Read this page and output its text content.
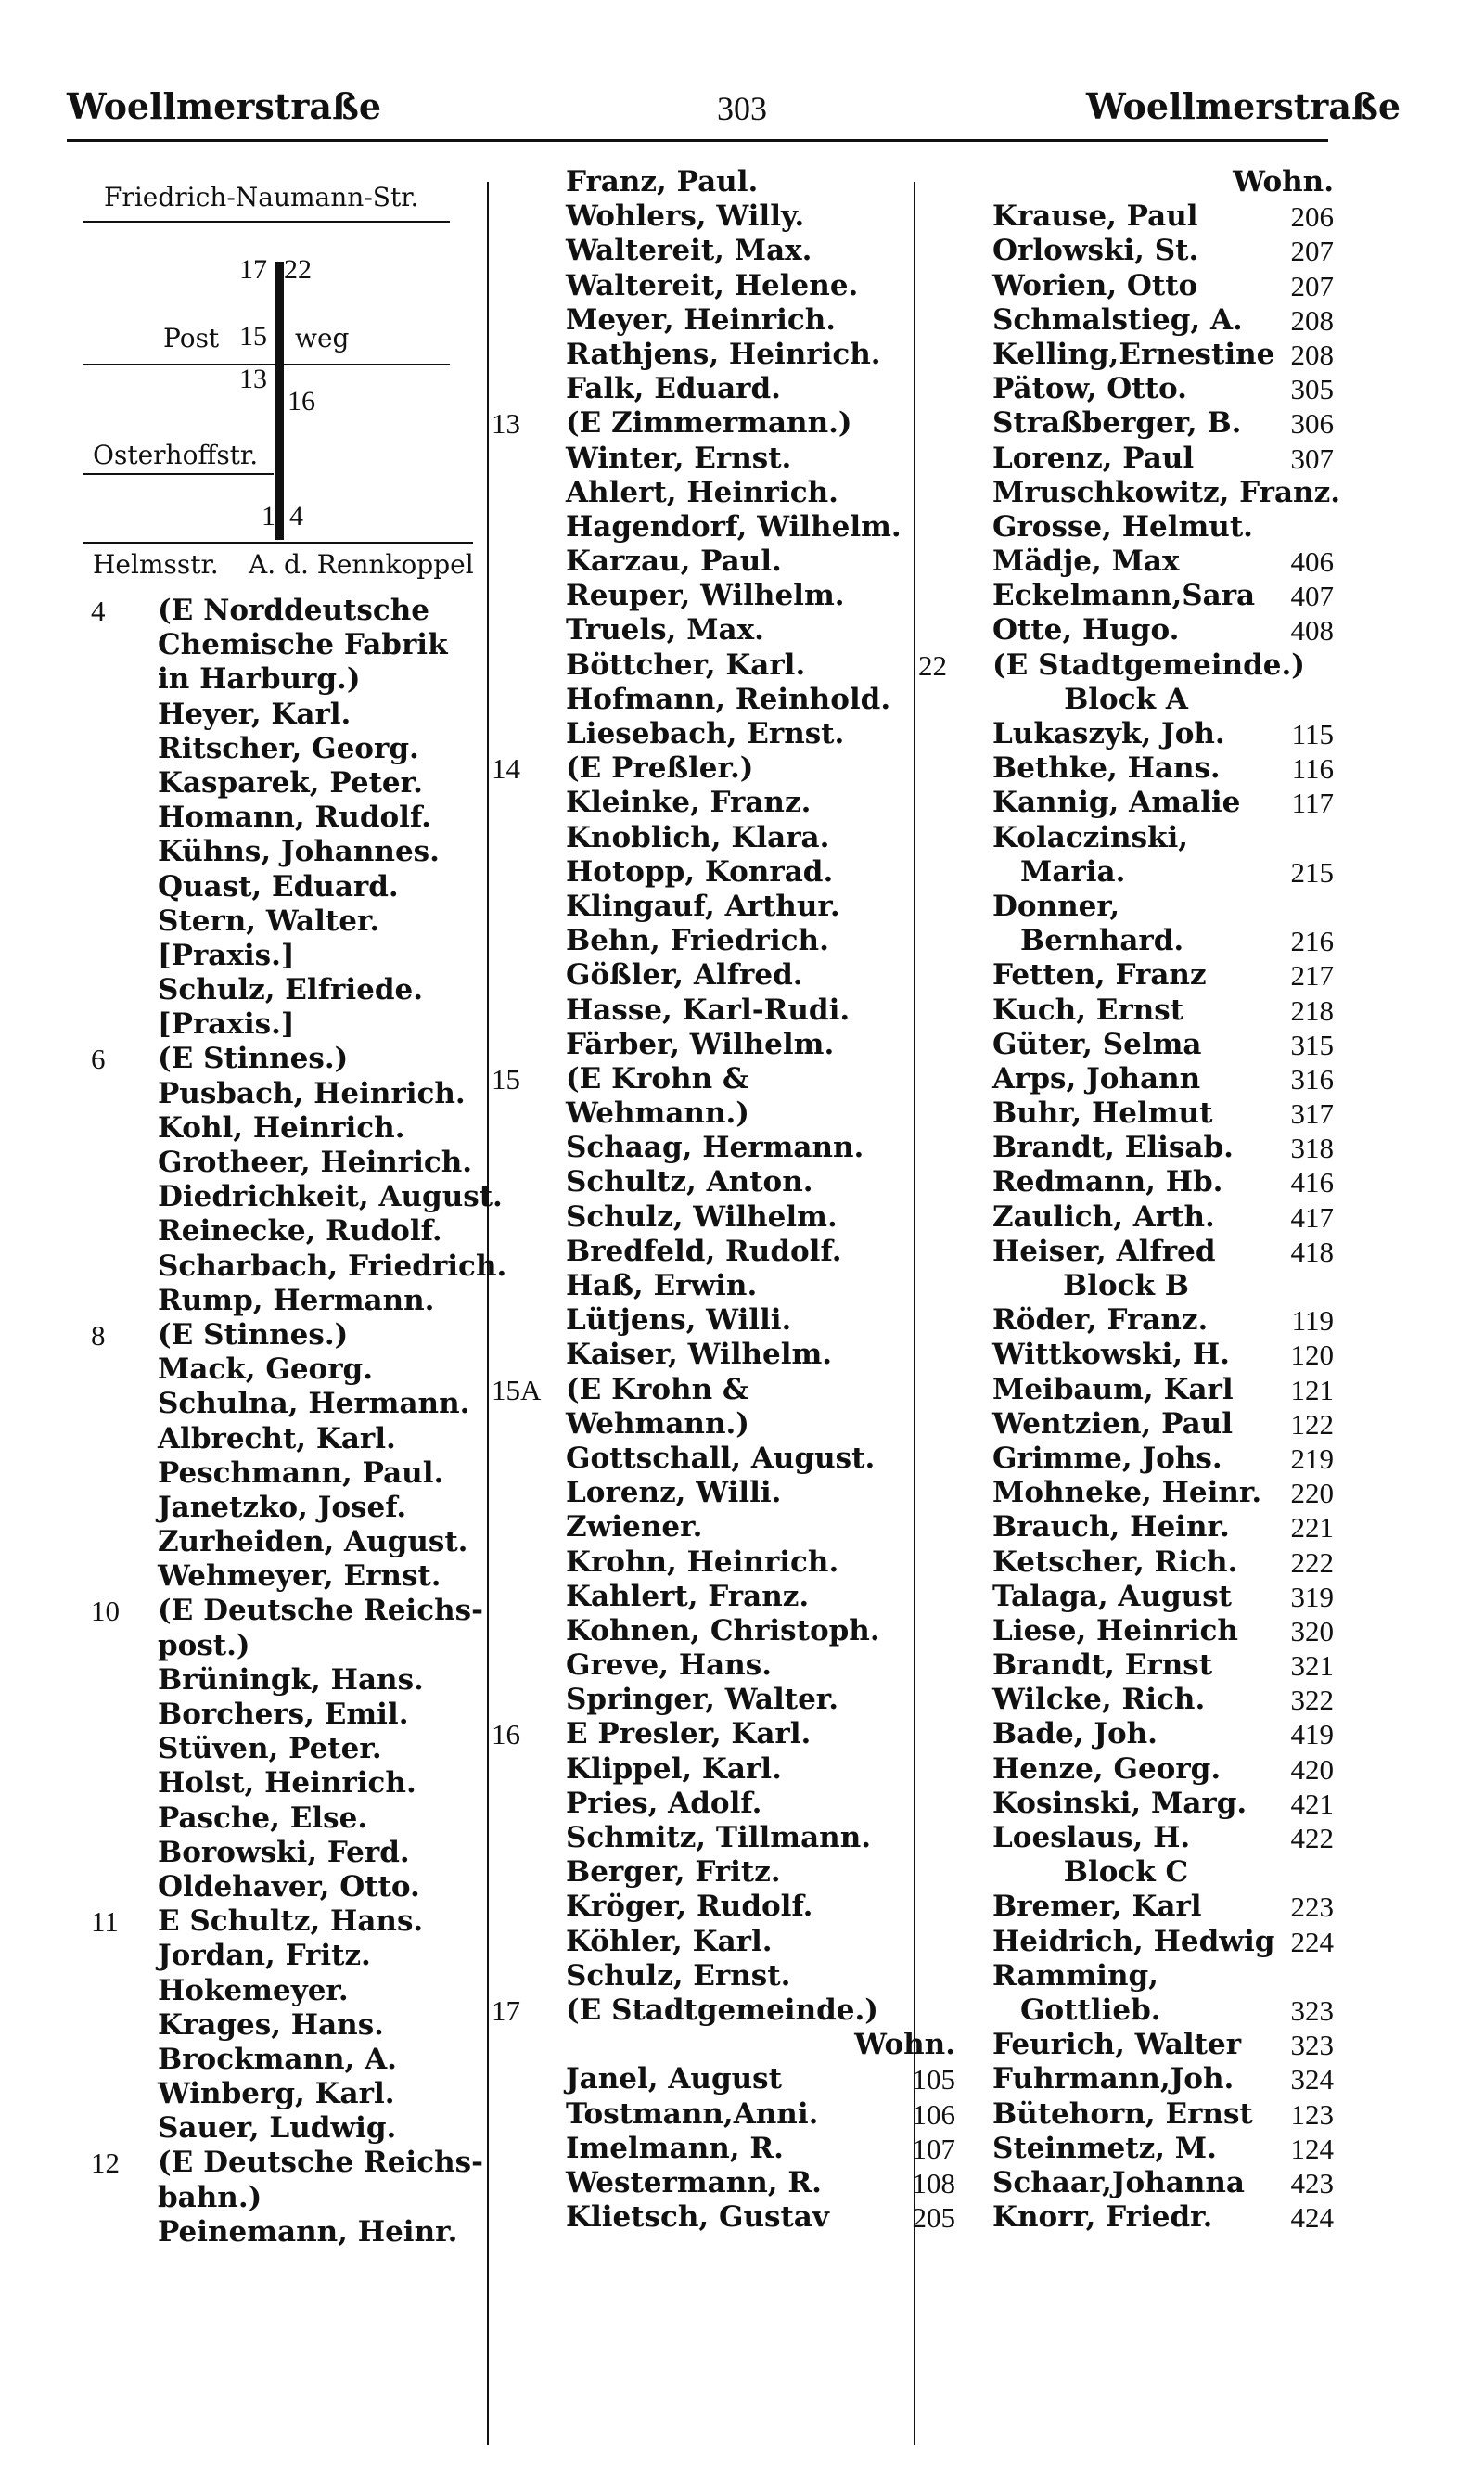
Woellmerstraße	303	Woellmerstraße
Friedrich-Naumann-Str.
17 22
Post 15 weg
13
16
Osterhoffstr.
1 4
Helmsstr. A. d. Rennkoppel
4	(E Norddeutsche
Chemische Fabrik
in Harburg.)
Heyer, Karl.
Ritscher, Georg.
Kasparek, Peter.
Homann, Rudolf.
Kühns, Johannes.
Quast, Eduard.
Stern, Walter.
[Praxis.]
Schulz, Elfriede.
[Praxis.]
6	(E Stinnes.)
Pusbach, Heinrich.
Kohl, Heinrich.
Grotheer, Heinrich.
Diedrichkeit, August.
Reinecke, Rudolf.
Scharbach, Friedrich.
Rump, Hermann.
8	(E Stinnes.)
Mack, Georg.
Schulna, Hermann.
Albrecht, Karl.
Peschmann, Paul.
Janetzko, Josef.
Zurheiden, August.
Wehmeyer, Ernst.
10	(E Deutsche Reichs-
post.)
Brüningk, Hans.
Borchers, Emil.
Stüven, Peter.
Holst, Heinrich.
Pasche, Else.
Borowski, Ferd.
Oldehaver, Otto.
11	E Schultz, Hans.
Jordan, Fritz.
Hokemeyer.
Krages, Hans.
Brockmann, A.
Winberg, Karl.
Sauer, Ludwig.
12	(E Deutsche Reichs-
bahn.)
Peinemann, Heinr.
Franz, Paul.
Wohlers, Willy.
Waltereit, Max.
Waltereit, Helene.
Meyer, Heinrich.
Rathjens, Heinrich.
Falk, Eduard.
13	(E Zimmermann.)
Winter, Ernst.
Ahlert, Heinrich.
Hagendorf, Wilhelm.
Karzau, Paul.
Reuper, Wilhelm.
Truels, Max.
Böttcher, Karl.
Hofmann, Reinhold.
Liesebach, Ernst.
14	(E Preßler.)
Kleinke, Franz.
Knoblich, Klara.
Hotopp, Konrad.
Klingauf, Arthur.
Behn, Friedrich.
Gößler, Alfred.
Hasse, Karl-Rudi.
Färber, Wilhelm.
15	(E Krohn &
Wehmann.)
Schaag, Hermann.
Schultz, Anton.
Schulz, Wilhelm.
Bredfeld, Rudolf.
Haß, Erwin.
Lütjens, Willi.
Kaiser, Wilhelm.
15A (E Krohn &
Wehmann.)
Gottschall, August.
Lorenz, Willi.
Zwiener.
Krohn, Heinrich.
Kahlert, Franz.
Kohnen, Christoph.
Greve, Hans.
Springer, Walter.
16	E Presler, Karl.
Klippel, Karl.
Pries, Adolf.
Schmitz, Tillmann.
Berger, Fritz.
Kröger, Rudolf.
Köhler, Karl.
Schulz, Ernst.
17	(E Stadtgemeinde.)
Wohn.
Janel, August	105
Tostmann,Anni.	106
Imelmann, R.	107
Westermann, R.	108
Klietsch, Gustav	205
Wohn.
Krause, Paul	206
Orlowski, St.	207
Worien, Otto	207
Schmalstieg, A. 208
Kelling,Ernestine 208
Pätow, Otto.	305
Straßberger, B. 306
Lorenz, Paul	307
Mruschkowitz, Franz.
Grosse, Helmut.
Mädje, Max	406
Eckelmann,Sara 407
Otte, Hugo.	408
22	(E Stadtgemeinde.)
Block A
Lukaszyk, Joh. 115
Bethke, Hans. 116
Kannig, Amalie 117
Kolaczinski,
Maria.	215
Donner,
Bernhard.	216
Fetten, Franz	217
Kuch, Ernst	218
Güter, Selma	315
Arps, Johann	316
Buhr, Helmut	317
Brandt, Elisab. 318
Redmann, Hb. 416
Zaulich, Arth.	417
Heiser, Alfred	418
Block B
Röder, Franz.	119
Wittkowski, H. 120
Meibaum, Karl 121
Wentzien, Paul 122
Grimme, Johs. 219
Mohneke, Heinr. 220
Brauch, Heinr. 221
Ketscher, Rich. 222
Talaga, August 319
Liese, Heinrich 320
Brandt, Ernst	321
Wilcke, Rich.	322
Bade, Joh.	419
Henze, Georg. 420
Kosinski, Marg. 421
Loeslaus, H.	422
Block C
Bremer, Karl	223
Heidrich, Hedwig 224
Ramming,
Gottlieb.	323
Feurich, Walter 323
Fuhrmann,Joh. 324
Bütehorn, Ernst 123
Steinmetz, M.	124
Schaar,Johanna 423
Knorr, Friedr.	424
